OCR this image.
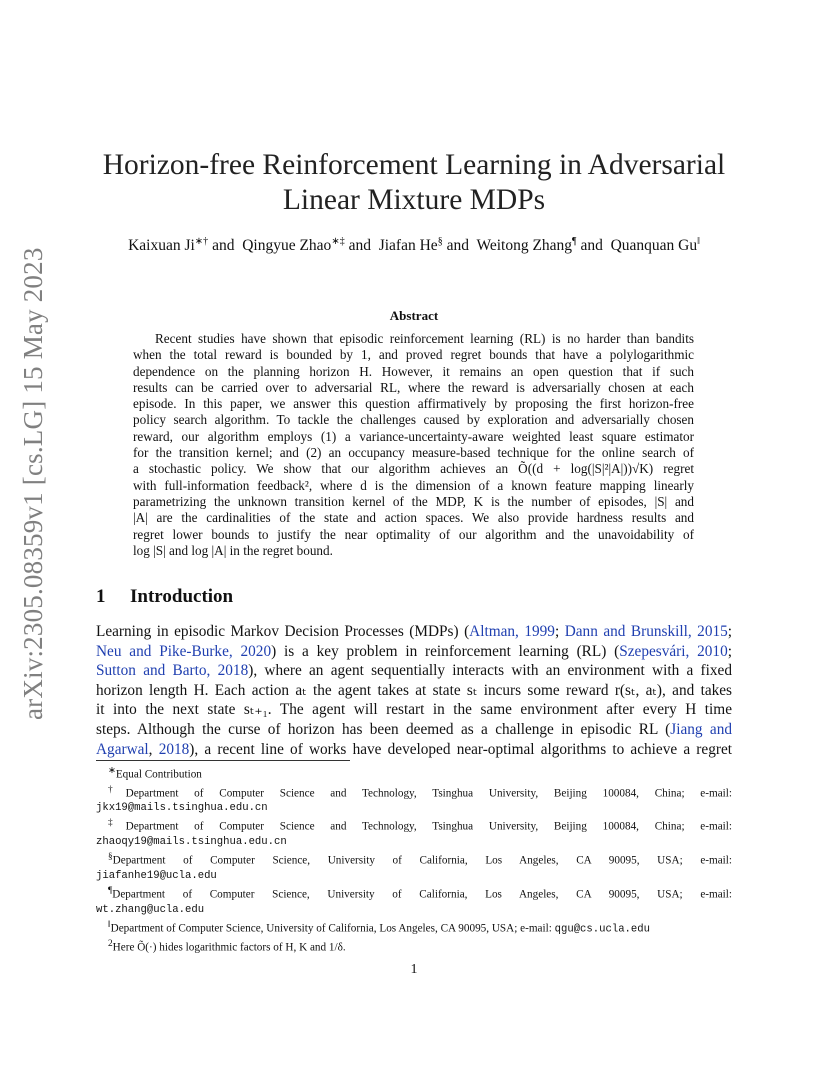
arXiv:2305.08359v1 [cs.LG] 15 May 2023
Horizon-free Reinforcement Learning in Adversarial
Linear Mixture MDPs
Kaixuan Ji∗† and Qingyue Zhao∗‡ and Jiafan He§ and Weitong Zhang¶ and Quanquan Gu‖
Abstract
Recent studies have shown that episodic reinforcement learning (RL) is no harder than bandits
when the total reward is bounded by 1, and proved regret bounds that have a polylogarithmic
dependence on the planning horizon H. However, it remains an open question that if such
results can be carried over to adversarial RL, where the reward is adversarially chosen at each
episode. In this paper, we answer this question affirmatively by proposing the first horizon-free
policy search algorithm. To tackle the challenges caused by exploration and adversarially chosen
reward, our algorithm employs (1) a variance-uncertainty-aware weighted least square estimator
for the transition kernel; and (2) an occupancy measure-based technique for the online search of
a stochastic policy. We show that our algorithm achieves an Õ((d + log(|S|²|A|))√K) regret
with full-information feedback², where d is the dimension of a known feature mapping linearly
parametrizing the unknown transition kernel of the MDP, K is the number of episodes, |S| and
|A| are the cardinalities of the state and action spaces. We also provide hardness results and
regret lower bounds to justify the near optimality of our algorithm and the unavoidability of
log |S| and log |A| in the regret bound.
1 Introduction
Learning in episodic Markov Decision Processes (MDPs) (Altman, 1999; Dann and Brunskill, 2015;
Neu and Pike-Burke, 2020) is a key problem in reinforcement learning (RL) (Szepesvári, 2010;
Sutton and Barto, 2018), where an agent sequentially interacts with an environment with a fixed
horizon length H. Each action aₜ the agent takes at state sₜ incurs some reward r(sₜ, aₜ), and takes
it into the next state sₜ₊₁. The agent will restart in the same environment after every H time
steps. Although the curse of horizon has been deemed as a challenge in episodic RL (Jiang and
Agarwal, 2018), a recent line of works have developed near-optimal algorithms to achieve a regret
∗Equal Contribution
†Department of Computer Science and Technology, Tsinghua University, Beijing 100084, China; e-mail:
jkx19@mails.tsinghua.edu.cn
‡Department of Computer Science and Technology, Tsinghua University, Beijing 100084, China; e-mail:
zhaoqy19@mails.tsinghua.edu.cn
§Department of Computer Science, University of California, Los Angeles, CA 90095, USA; e-mail:
jiafanhe19@ucla.edu
¶Department of Computer Science, University of California, Los Angeles, CA 90095, USA; e-mail:
wt.zhang@ucla.edu
‖Department of Computer Science, University of California, Los Angeles, CA 90095, USA; e-mail: qgu@cs.ucla.edu
$^2$Here Õ(·) hides logarithmic factors of H, K and 1/δ.
1
